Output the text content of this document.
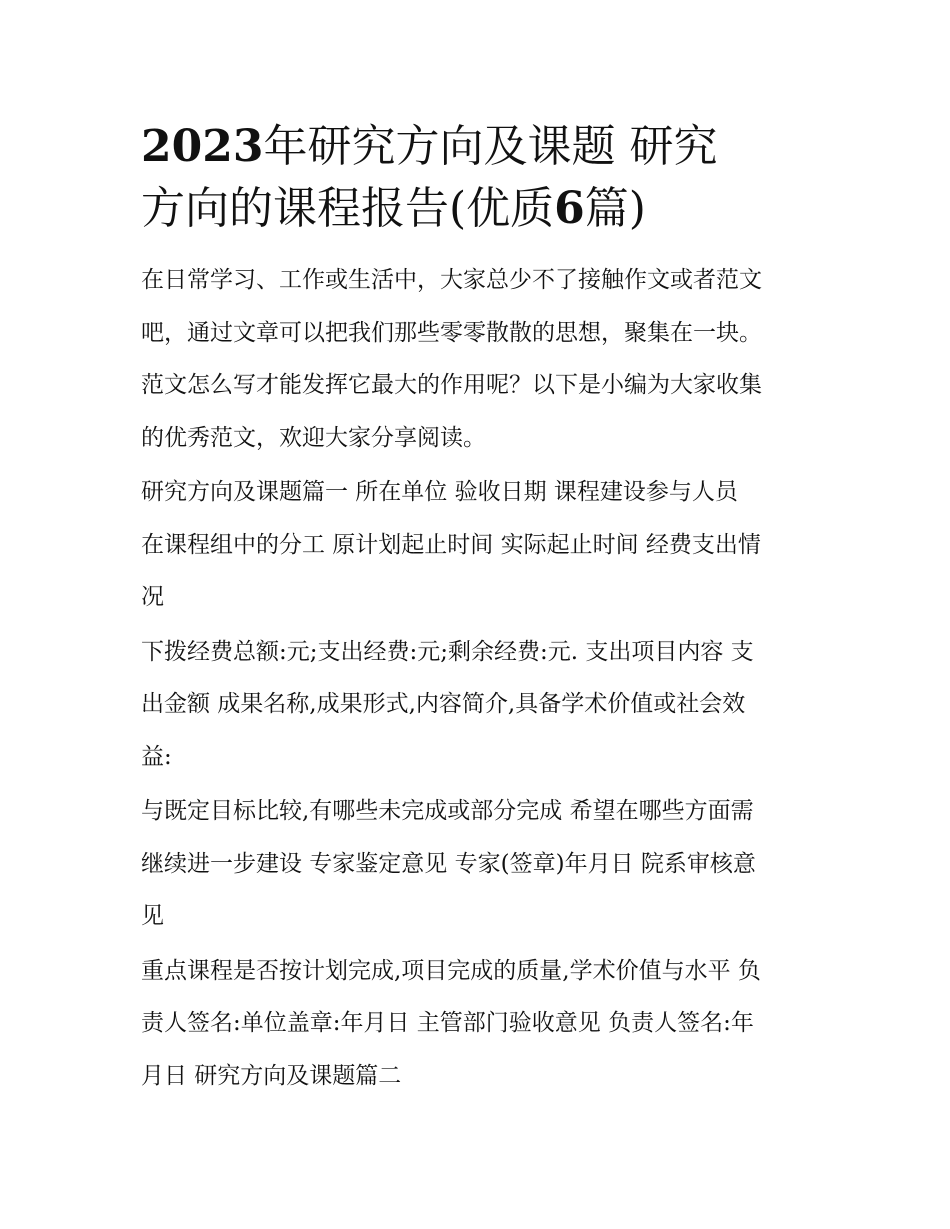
2023年研究方向及课题 研究
方向的课程报告(优质6篇)
在日常学习、工作或生活中，大家总少不了接触作文或者范文
吧，通过文章可以把我们那些零零散散的思想，聚集在一块。
范文怎么写才能发挥它最大的作用呢？以下是小编为大家收集
的优秀范文，欢迎大家分享阅读。
研究方向及课题篇一 所在单位 验收日期 课程建设参与人员
在课程组中的分工 原计划起止时间 实际起止时间 经费支出情
况
下拨经费总额:元;支出经费:元;剩余经费:元. 支出项目内容 支
出金额 成果名称,成果形式,内容简介,具备学术价值或社会效
益:
与既定目标比较,有哪些未完成或部分完成 希望在哪些方面需
继续进一步建设 专家鉴定意见 专家(签章)年月日 院系审核意
见
重点课程是否按计划完成,项目完成的质量,学术价值与水平 负
责人签名:单位盖章:年月日 主管部门验收意见 负责人签名:年
月日 研究方向及课题篇二
